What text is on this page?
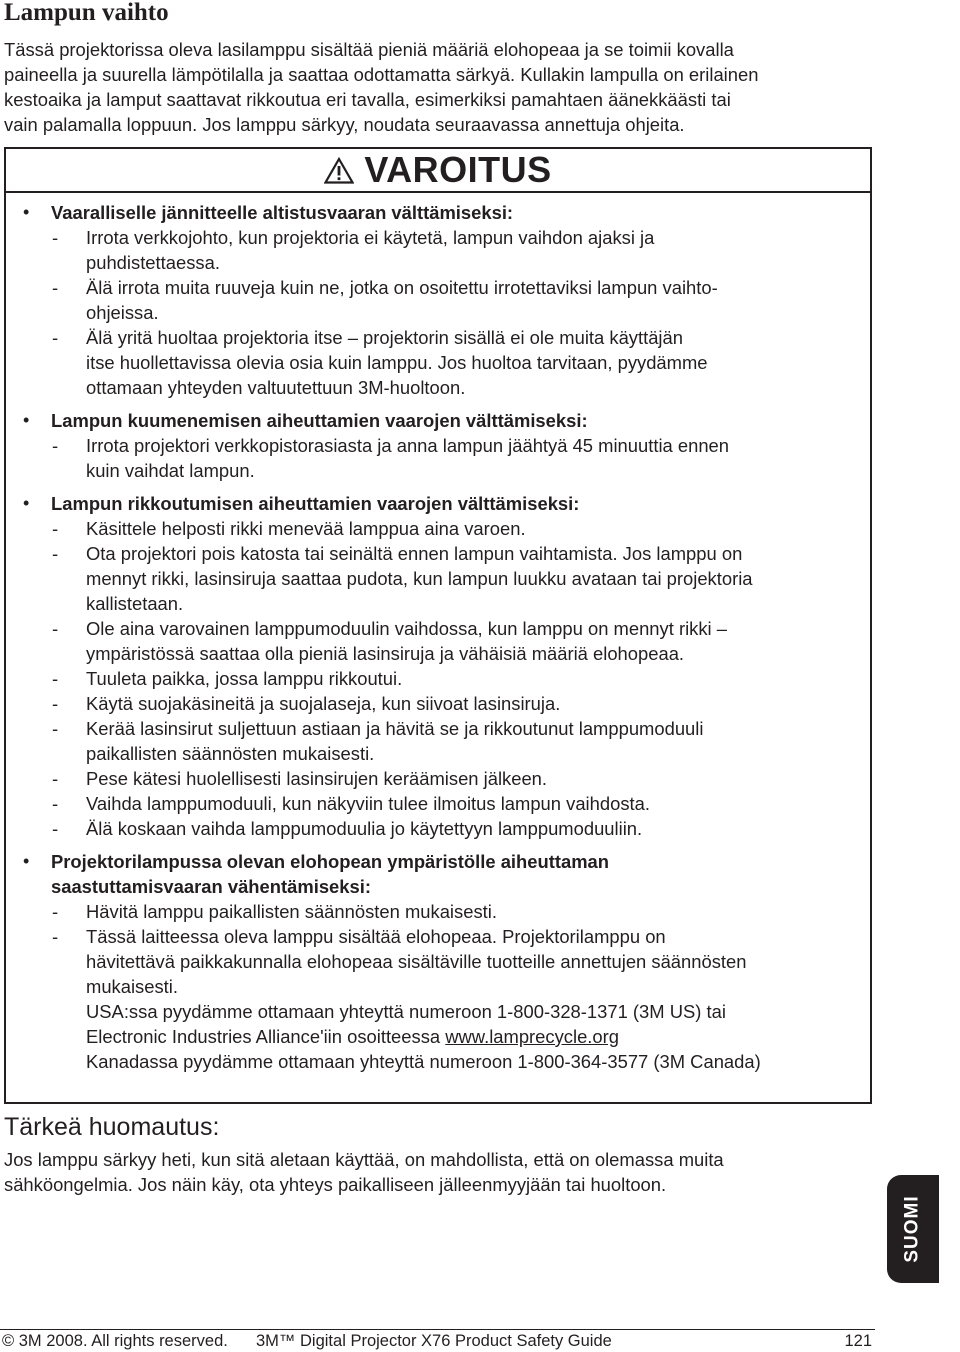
Lampun vaihto

Tässä projektorissa oleva lasilamppu sisältää pieniä määriä elohopeaa ja se toimii kovalla
paineella ja suurella lämpötilalla ja saattaa odottamatta särkyä. Kullakin lampulla on erilainen
kestoaika ja lamput saattavat rikkoutua eri tavalla, esimerkiksi pamahtaen äänekkäästi tai
vain palamalla loppuun. Jos lamppu särkyy, noudata seuraavassa annettuja ohjeita.

VAROITUS
• Vaaralliselle jännitteelle altistusvaaran välttämiseksi:
- Irrota verkkojohto, kun projektoria ei käytetä, lampun vaihdon ajaksi ja
puhdistettaessa.
- Älä irrota muita ruuveja kuin ne, jotka on osoitettu irrotettaviksi lampun vaihto-
ohjeissa.
- Älä yritä huoltaa projektoria itse – projektorin sisällä ei ole muita käyttäjän
itse huollettavissa olevia osia kuin lamppu. Jos huoltoa tarvitaan, pyydämme
ottamaan yhteyden valtuutettuun 3M-huoltoon.
• Lampun kuumenemisen aiheuttamien vaarojen välttämiseksi:
- Irrota projektori verkkopistorasiasta ja anna lampun jäähtyä 45 minuuttia ennen
kuin vaihdat lampun.
• Lampun rikkoutumisen aiheuttamien vaarojen välttämiseksi:
- Käsittele helposti rikki menevää lamppua aina varoen.
- Ota projektori pois katosta tai seinältä ennen lampun vaihtamista. Jos lamppu on
mennyt rikki, lasinsiruja saattaa pudota, kun lampun luukku avataan tai projektoria
kallistetaan.
- Ole aina varovainen lamppumoduulin vaihdossa, kun lamppu on mennyt rikki –
ympäristössä saattaa olla pieniä lasinsiruja ja vähäisiä määriä elohopeaa.
- Tuuleta paikka, jossa lamppu rikkoutui.
- Käytä suojakäsineitä ja suojalaseja, kun siivoat lasinsiruja.
- Kerää lasinsirut suljettuun astiaan ja hävitä se ja rikkoutunut lamppumoduuli
paikallisten säännösten mukaisesti.
- Pese kätesi huolellisesti lasinsirujen keräämisen jälkeen.
- Vaihda lamppumoduuli, kun näkyviin tulee ilmoitus lampun vaihdosta.
- Älä koskaan vaihda lamppumoduulia jo käytettyyn lamppumoduuliin.
• Projektorilampussa olevan elohopean ympäristölle aiheuttaman
saastuttamisvaaran vähentämiseksi:
- Hävitä lamppu paikallisten säännösten mukaisesti.
- Tässä laitteessa oleva lamppu sisältää elohopeaa. Projektorilamppu on
hävitettävä paikkakunnalla elohopeaa sisältäville tuotteille annettujen säännösten
mukaisesti.
USA:ssa pyydämme ottamaan yhteyttä numeroon 1-800-328-1371 (3M US) tai
Electronic Industries Alliance'iin osoitteessa www.lamprecycle.org
Kanadassa pyydämme ottamaan yhteyttä numeroon 1-800-364-3577 (3M Canada)
Tärkeä huomautus:

Jos lamppu särkyy heti, kun sitä aletaan käyttää, on mahdollista, että on olemassa muita
sähköongelmia. Jos näin käy, ota yhteys paikalliseen jälleenmyyjään tai huoltoon.

SUOMI
© 3M 2008. All rights reserved. 3M™ Digital Projector X76 Product Safety Guide	121
